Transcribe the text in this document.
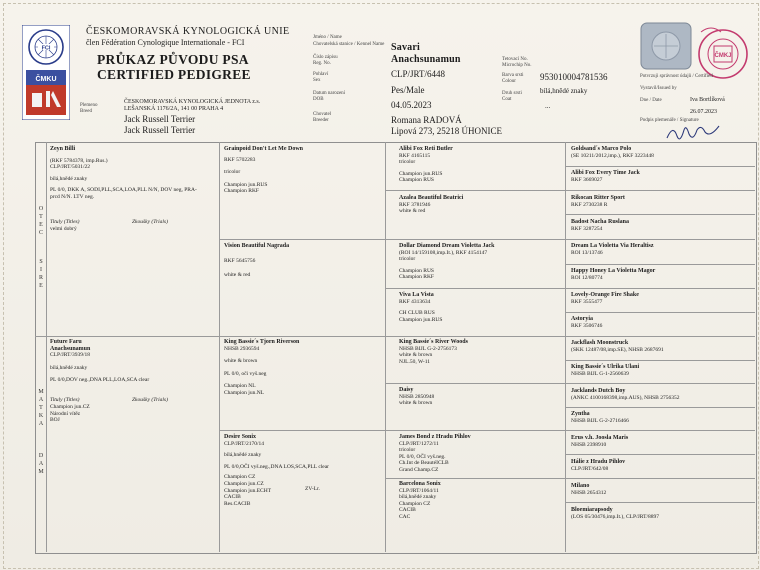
FCI
ČMKU
ČESKOMORAVSKÁ KYNOLOGICKÁ UNIE
člen Fédération Cynologique Internationale - FCI
PRŮKAZ PŮVODU PSA
CERTIFIED PEDIGREE
Plemeno
Breed
ČESKOMORAVSKÁ KYNOLOGICKÁ JEDNOTA z.s.
LEŠANSKÁ 1176/2A, 141 00 PRAHA 4
Jack Russell Terrier
Jack Russell Terrier
Jméno / Name
Chovatelská stanice / Kennel Name
Číslo zápisu
Reg. No.
Pohlaví
Sex
Datum narození
DOB
Chovatel
Breeder
Tetovací No.
Microchip No.
Barva srsti
Colour
Druh srsti
Coat
Savari
Anachsunamun
CLP/JRT/6448
Pes/Male
04.05.2023
Romana RADOVÁ
Lipová 273, 25218 ÚHONICE
953010004781536
bílá,hnědé znaky
...
ČMKJ
Potvrzuji správnost údajů / Certified
Vystavil/Issued by
Dne / Date	Iva Bortlíková
26.07.2023
Podpis plemenáře / Signature
O
T
E
C
S
I
R
E
M
A
T
K
A
D
A
M
Zeyn Billi
(RKF 5784378, imp.Rus.)
CLP/JRT/5031/22
bílá,hnědé znaky
PL 0/0, DKK A, SODI,PLL,SCA,LOA,PLL N/N, DOV neg, PRA-
prcd N/N. LTV neg.
Tituly (Titles)
velmi dobrý
Zkoušky (Trials)
Future Faru
Anachsunamun
CLP/JRT/3939/18
bílá,hnědé znaky
PL 0/0,DOV neg.,DNA PLL,LOA,SCA clear
Tituly (Titles)
Champion jun.CZ
Národní vítěz
BOJ
Zkoušky (Trials)
Grainpoid Don't Let Me Down
RKF 5702283
tricolor
Champion jun.RUS
Champion RKF
Vision Beautiful Nagrada
RKF 5645756
white & red
King Bassie´s Tjorn Riverson
NHSB 2936594
white & brown
PL 0/0, oči vyš.neg
Champion NL
Champion jun.NL
Desire Sonix
CLP/JRT/2170/14
bílá,hnědé znaky
PL 0/0,OČI vyš.neg.,DNA LOS,SCA,PLL clear
Champion CZ
Champion jun.CZ
Champion jun.ECHT
CACIB
Res.CACIB
ZV-Lr.
Alibi Fox Reti Butler
RKF 4165115
tricolor
Champion jun.RUS
Champion RUS
Azalea Beautiful Beatrici
RKF 3781946
white & red
Dollar Diamond Dream Violetta Jack
(ROI 14/159108,imp.It.), RKF 4154147
tricolor
Champion RUS
Champion RKF
Viva La Vista
RKF 4313634
CH CLUB RUS
Champion jun.RUS
King Bassie´s River Woods
NHSB BIJL G-2-2756173
white & brown
NJL.50, W-11
Daisy
NHSB 2850948
white & brown
James Bond z Hradu Pihlov
CLP/JRT/1272/11
tricolor
PL 0/0, OČI vyš.neg.
Ch.Int de BeautéICLB
Grand Champ.CZ
Barcelona Sonix
CLP/JRT/1064/11
bílá,hnědé znaky
Champion CZ
CACIB
CAC
Goldsand´s Marco Polo
(SE 10211/2012,imp.), RKF 3223448
Alibi Fox Every Time Jack
RKF 3669027
Rikocan Ritter Sport
RKF 2730238 R
Badost Nacha Ruslana
RKF 3287254
Dream La Violetta Via Heraltisz
ROI 13/13746
Happy Honey La Violetta Magor
ROI 12/80774
Lovely-Orange Fire Shake
RKF 3555477
Astoryia
RKF 3506746
Jackflash Moonstruck
(SKK 12487/08,imp.SE), NHSB 2687691
King Bassie´s Ulrika Ulani
NHSB BIJL G-1-2560639
Jacklands Dutch Boy
(ANKC 4100168398,imp.AUS), NHSB 2756352
Zyntha
NHSB BIJL G-2-2716466
Erus v.h. Joosla Maris
NHSB 2398910
Hálie z Hradu Pihlov
CLP/JRT/642/08
Milano
NHSB 2654312
Bloemiarapsody
(LOS 05/30476,imp.It.), CLP/JRT/8897
